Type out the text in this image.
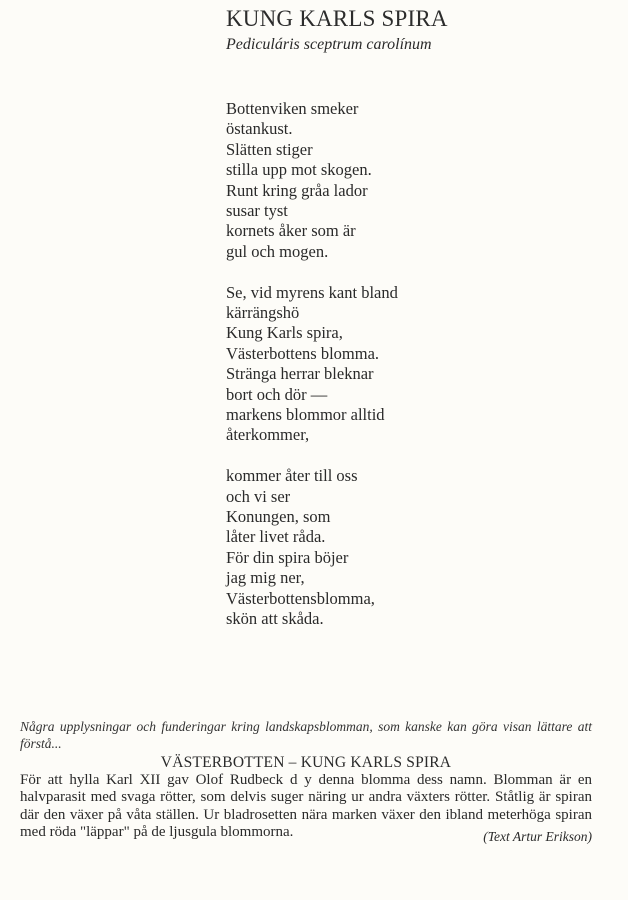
KUNG KARLS SPIRA
Pediculáris sceptrum carolínum
Bottenviken smeker
östankust.
Slätten stiger
stilla upp mot skogen.
Runt kring gråa lador
susar tyst
kornets åker som är
gul och mogen.
Se, vid myrens kant bland
kärrängshö
Kung Karls spira,
Västerbottens blomma.
Stränga herrar bleknar
bort och dör —
markens blommor alltid
återkommer,
kommer åter till oss
och vi ser
Konungen, som
låter livet råda.
För din spira böjer
jag mig ner,
Västerbottensblomma,
skön att skåda.

Några upplysningar och funderingar kring landskapsblomman, som kanske kan göra visan lättare att förstå...

VÄSTERBOTTEN – KUNG KARLS SPIRA

För att hylla Karl XII gav Olof Rudbeck d y denna blomma dess namn. Blomman är en halvparasit med svaga rötter, som delvis suger näring ur andra växters rötter. Ståtlig är spiran där den växer på våta ställen. Ur bladrosetten nära marken växer den ibland meterhöga spiran med röda "läppar" på de ljusgula blommorna.	(Text Artur Erikson)
